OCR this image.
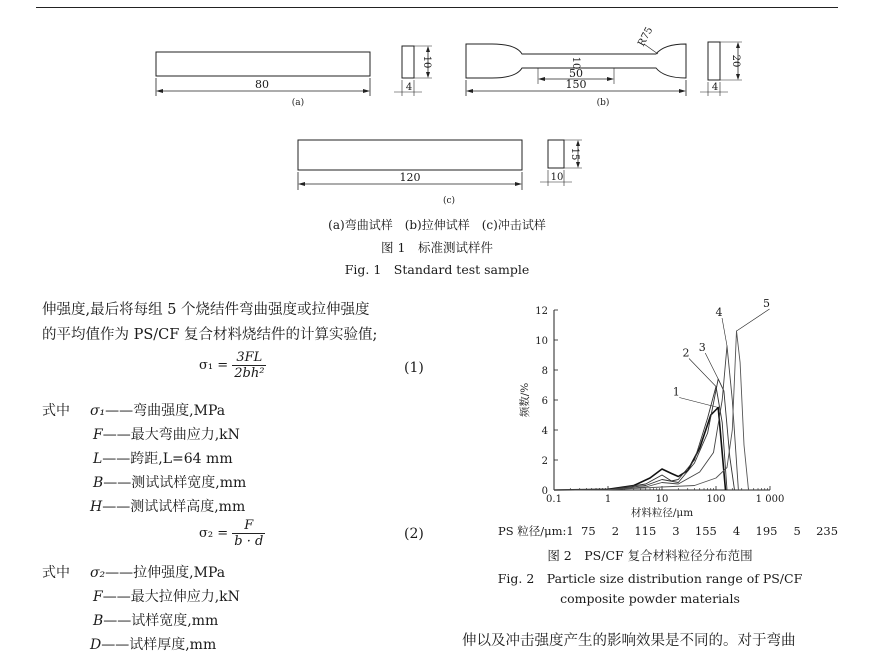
80
(a)
10
4
10
50
150
R75
(b)
20
4
120
(c)
15
10
(a)弯曲试样　(b)拉伸试样　(c)冲击试样
图 1　标准测试样件
Fig. 1　Standard test sample
伸强度,最后将每组 5 个烧结件弯曲强度或拉伸强度
的平均值作为 PS/CF 复合材料烧结件的计算实验值;
$\sigma_1 = \frac{3FL}{\text{2bh²}}$	(1)
式中 σ₁——弯曲强度,MPa
F——最大弯曲应力,kN
L——跨距,L=64 mm
B——测试试样宽度,mm
H——测试试样高度,mm
$\sigma_2 = \frac{F}{b \cdot d}$	(2)
式中 σ₂——拉伸强度,MPa
F——最大拉伸应力,kN
B——试样宽度,mm
D——试样厚度,mm
0
2
4
6
8
10
12
0.1	1	10	100	1 000
材料粒径/μm
频数/%	1
2 3
4
5
PS 粒径/μm:1 75 2 115 3 155 4 195 5 235
图 2　PS/CF 复合材料粒径分布范围
Fig. 2　Particle size distribution range of PS/CF
composite powder materials
伸以及冲击强度产生的影响效果是不同的。对于弯曲
